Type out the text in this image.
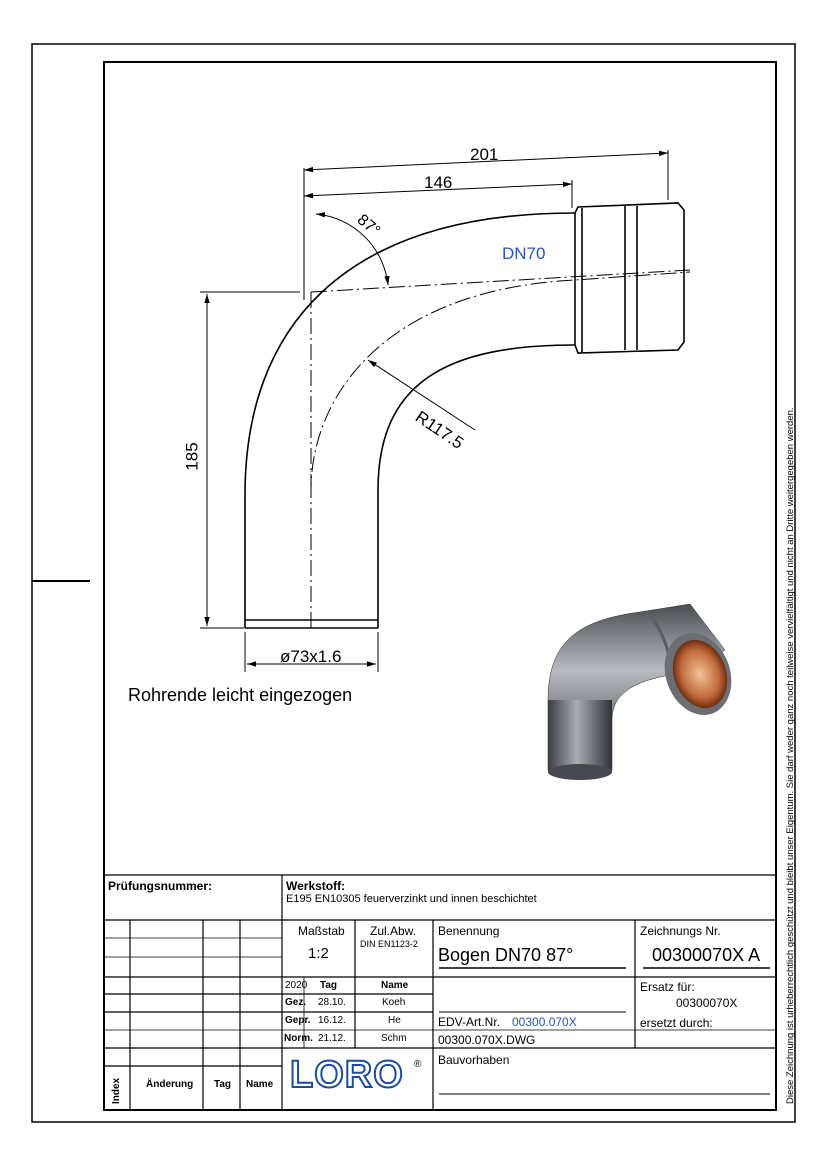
201
146
87°
DN70
R117.5
185
ø73x1.6
Rohrende leicht eingezogen	Diese Zeichnung ist urheberrechtlich geschützt und bleibt unser Eigentum. Sie darf weder ganz noch teilweise vervielfältigt und nicht an Dritte weitergegeben werden.
Prüfungsnummer:	Werkstoff:
E195 EN10305 feuerverzinkt und innen beschichtet
Maßstab
1:2
Zul.Abw.
DIN EN1123-2
Benennung
Bogen DN70 87°
Zeichnungs Nr.
00300070X A
2020 Tag	Name
Gez. 28.10.	Koeh
Gepr. 16.12.	He
Norm. 21.12.	Schm
Ersatz für:
00300070X
ersetzt durch:
EDV-Art.Nr. 00300.070X
00300.070X.DWG
Bauvorhaben
LORO ®
Index Änderung Tag Name
